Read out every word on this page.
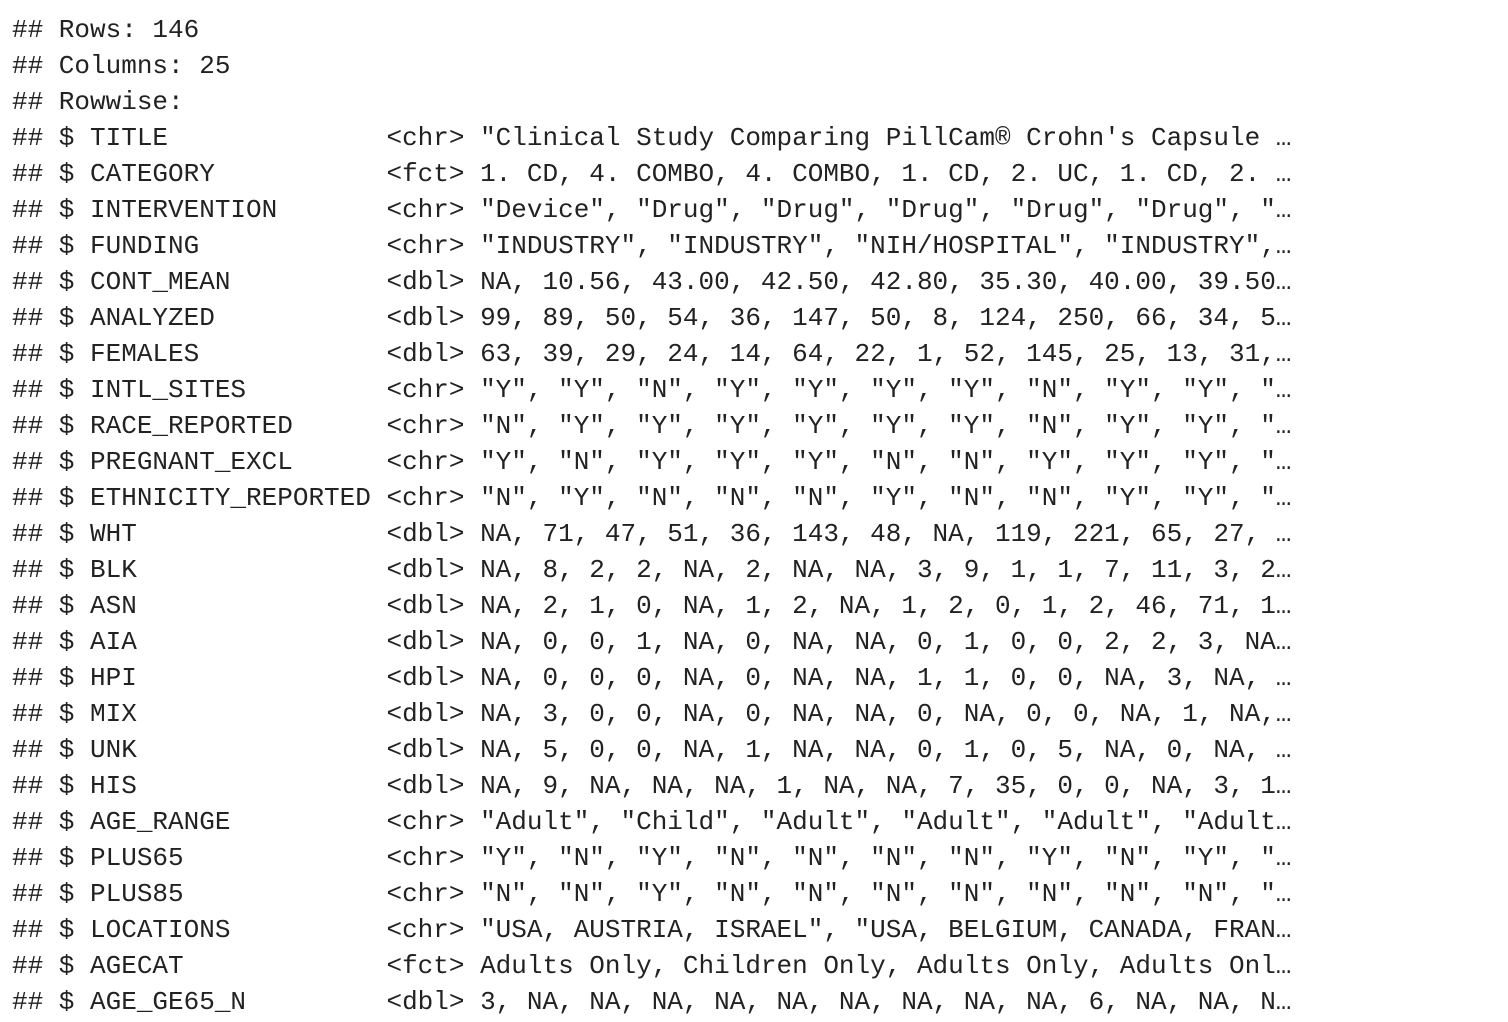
## Rows: 146
## Columns: 25
## Rowwise:
## $ TITLE              <chr> "Clinical Study Comparing PillCam® Crohn's Capsule …
## $ CATEGORY           <fct> 1. CD, 4. COMBO, 4. COMBO, 1. CD, 2. UC, 1. CD, 2. …
## $ INTERVENTION       <chr> "Device", "Drug", "Drug", "Drug", "Drug", "Drug", "…
## $ FUNDING            <chr> "INDUSTRY", "INDUSTRY", "NIH/HOSPITAL", "INDUSTRY",…
## $ CONT_MEAN          <dbl> NA, 10.56, 43.00, 42.50, 42.80, 35.30, 40.00, 39.50…
## $ ANALYZED           <dbl> 99, 89, 50, 54, 36, 147, 50, 8, 124, 250, 66, 34, 5…
## $ FEMALES            <dbl> 63, 39, 29, 24, 14, 64, 22, 1, 52, 145, 25, 13, 31,…
## $ INTL_SITES         <chr> "Y", "Y", "N", "Y", "Y", "Y", "Y", "N", "Y", "Y", "…
## $ RACE_REPORTED      <chr> "N", "Y", "Y", "Y", "Y", "Y", "Y", "N", "Y", "Y", "…
## $ PREGNANT_EXCL      <chr> "Y", "N", "Y", "Y", "Y", "N", "N", "Y", "Y", "Y", "…
## $ ETHNICITY_REPORTED <chr> "N", "Y", "N", "N", "N", "Y", "N", "N", "Y", "Y", "…
## $ WHT                <dbl> NA, 71, 47, 51, 36, 143, 48, NA, 119, 221, 65, 27, …
## $ BLK                <dbl> NA, 8, 2, 2, NA, 2, NA, NA, 3, 9, 1, 1, 7, 11, 3, 2…
## $ ASN                <dbl> NA, 2, 1, 0, NA, 1, 2, NA, 1, 2, 0, 1, 2, 46, 71, 1…
## $ AIA                <dbl> NA, 0, 0, 1, NA, 0, NA, NA, 0, 1, 0, 0, 2, 2, 3, NA…
## $ HPI                <dbl> NA, 0, 0, 0, NA, 0, NA, NA, 1, 1, 0, 0, NA, 3, NA, …
## $ MIX                <dbl> NA, 3, 0, 0, NA, 0, NA, NA, 0, NA, 0, 0, NA, 1, NA,…
## $ UNK                <dbl> NA, 5, 0, 0, NA, 1, NA, NA, 0, 1, 0, 5, NA, 0, NA, …
## $ HIS                <dbl> NA, 9, NA, NA, NA, 1, NA, NA, 7, 35, 0, 0, NA, 3, 1…
## $ AGE_RANGE          <chr> "Adult", "Child", "Adult", "Adult", "Adult", "Adult…
## $ PLUS65             <chr> "Y", "N", "Y", "N", "N", "N", "N", "Y", "N", "Y", "…
## $ PLUS85             <chr> "N", "N", "Y", "N", "N", "N", "N", "N", "N", "N", "…
## $ LOCATIONS          <chr> "USA, AUSTRIA, ISRAEL", "USA, BELGIUM, CANADA, FRAN…
## $ AGECAT             <fct> Adults Only, Children Only, Adults Only, Adults Onl…
## $ AGE_GE65_N         <dbl> 3, NA, NA, NA, NA, NA, NA, NA, NA, NA, 6, NA, NA, N…
